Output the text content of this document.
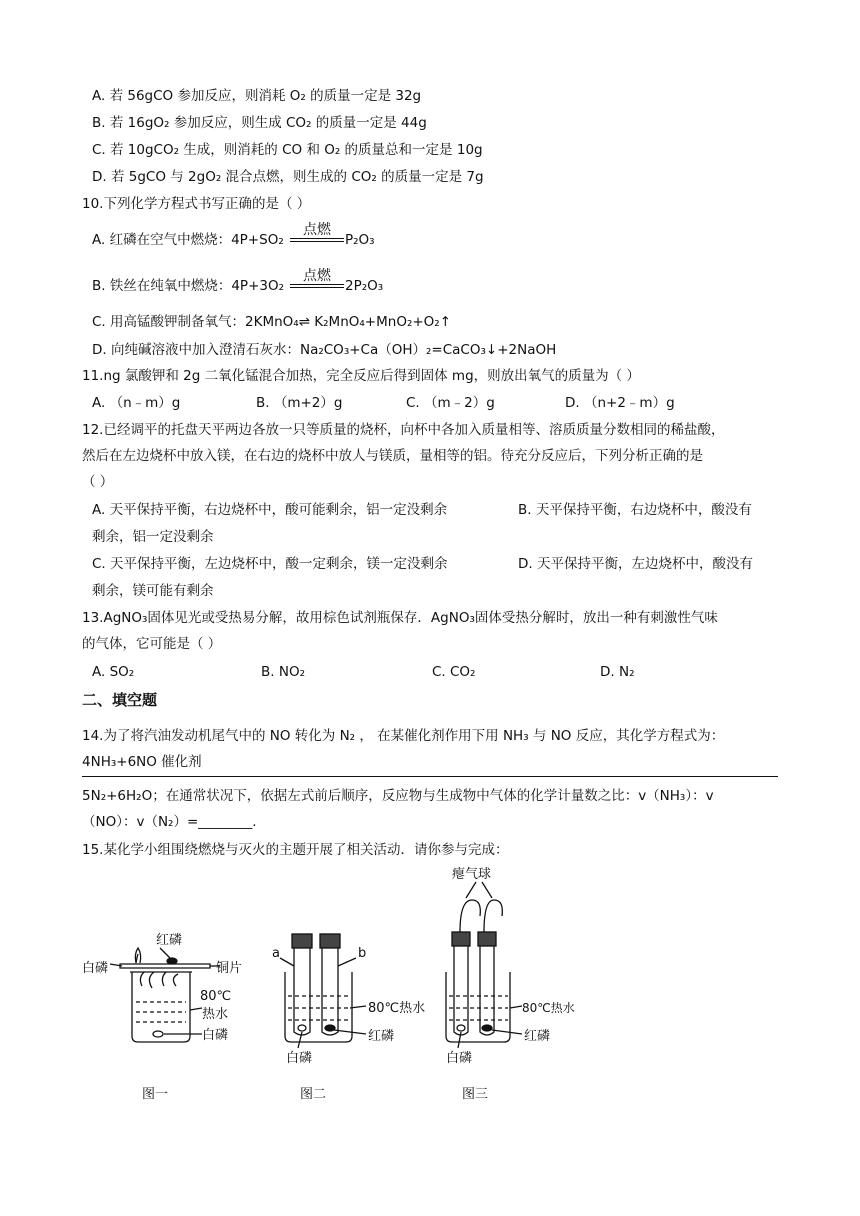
A. 若 56gCO 参加反应，则消耗 O₂ 的质量一定是 32g
B. 若 16gO₂ 参加反应，则生成 CO₂ 的质量一定是 44g
C. 若 10gCO₂ 生成，则消耗的 CO 和 O₂ 的质量总和一定是 10g
D. 若 5gCO 与 2gO₂ 混合点燃，则生成的 CO₂ 的质量一定是 7g
10.下列化学方程式书写正确的是（ ）
A. 红磷在空气中燃烧：4P+SO₂
点燃
P₂O₃
B. 铁丝在纯氧中燃烧：4P+3O₂
点燃
2P₂O₃
C. 用高锰酸钾制备氧气：2KMnO₄⇌ K₂MnO₄+MnO₂+O₂↑
D. 向纯碱溶液中加入澄清石灰水：Na₂CO₃+Ca（OH）₂=CaCO₃↓+2NaOH
11.ng 氯酸钾和 2g 二氧化锰混合加热，完全反应后得到固体 mg，则放出氧气的质量为（ ）
A. （n﹣m）g	B. （m+2）g	C. （m﹣2）g	D. （n+2﹣m）g
12.已经调平的托盘天平两边各放一只等质量的烧杯，向杯中各加入质量相等、溶质质量分数相同的稀盐酸，
然后在左边烧杯中放入镁，在右边的烧杯中放人与镁质，量相等的铝。待充分反应后，下列分析正确的是
（ ）
A. 天平保持平衡，右边烧杯中，酸可能剩余，铝一定没剩余	B. 天平保持平衡，右边烧杯中，酸没有
剩余，铝一定没剩余
C. 天平保持平衡，左边烧杯中，酸一定剩余，镁一定没剩余	D. 天平保持平衡，左边烧杯中，酸没有
剩余，镁可能有剩余
13.AgNO₃固体见光或受热易分解，故用棕色试剂瓶保存．AgNO₃固体受热分解时，放出一种有刺激性气味
的气体，它可能是（ ）
A. SO₂	B. NO₂	C. CO₂	D. N₂
二、填空题
14.为了将汽油发动机尾气中的 NO 转化为 N₂ ， 在某催化剂作用下用 NH₃ 与 NO 反应，其化学方程式为：
4NH₃+6NO 催化剂
5N₂+6H₂O；在通常状况下，依据左式前后顺序，反应物与生成物中气体的化学计量数之比：v（NH₃）：v
（NO）：v（N₂）=________.
15.某化学小组围绕燃烧与灭火的主题开展了相关活动．请你参与完成：
红磷
白磷	铜片
80℃
热水
白磷
图一
a	b
80℃热水
红磷
白磷
图二
瘪气球
80℃热水
红磷
白磷
图三
